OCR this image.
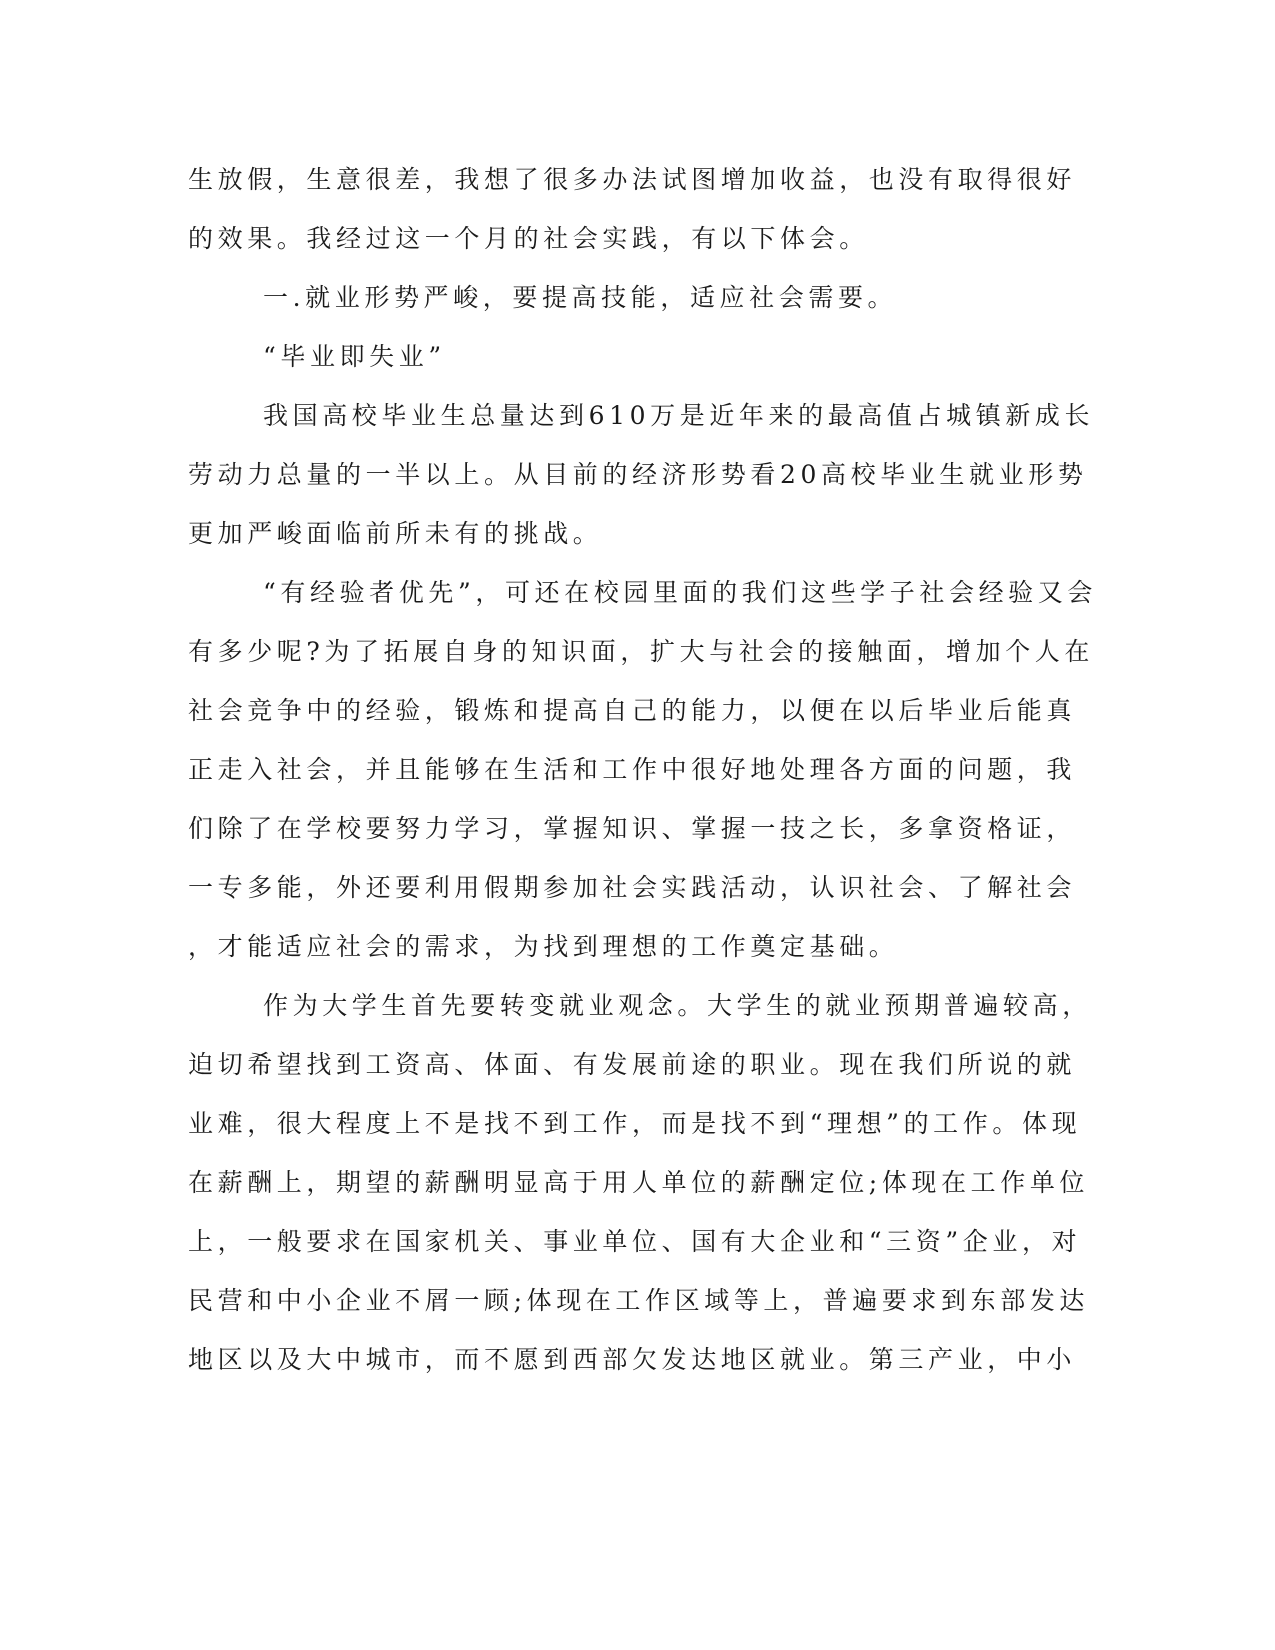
生放假，生意很差，我想了很多办法试图增加收益，也没有取得很好
的效果。我经过这一个月的社会实践，有以下体会。
一.就业形势严峻，要提高技能，适应社会需要。
“毕业即失业”
我国高校毕业生总量达到610万是近年来的最高值占城镇新成长
劳动力总量的一半以上。从目前的经济形势看20高校毕业生就业形势
更加严峻面临前所未有的挑战。
“有经验者优先”，可还在校园里面的我们这些学子社会经验又会
有多少呢?为了拓展自身的知识面，扩大与社会的接触面，增加个人在
社会竞争中的经验，锻炼和提高自己的能力，以便在以后毕业后能真
正走入社会，并且能够在生活和工作中很好地处理各方面的问题，我
们除了在学校要努力学习，掌握知识、掌握一技之长，多拿资格证，
一专多能，外还要利用假期参加社会实践活动，认识社会、了解社会
，才能适应社会的需求，为找到理想的工作奠定基础。
作为大学生首先要转变就业观念。大学生的就业预期普遍较高，
迫切希望找到工资高、体面、有发展前途的职业。现在我们所说的就
业难，很大程度上不是找不到工作，而是找不到“理想”的工作。体现
在薪酬上，期望的薪酬明显高于用人单位的薪酬定位;体现在工作单位
上，一般要求在国家机关、事业单位、国有大企业和“三资”企业，对
民营和中小企业不屑一顾;体现在工作区域等上，普遍要求到东部发达
地区以及大中城市，而不愿到西部欠发达地区就业。第三产业，中小
